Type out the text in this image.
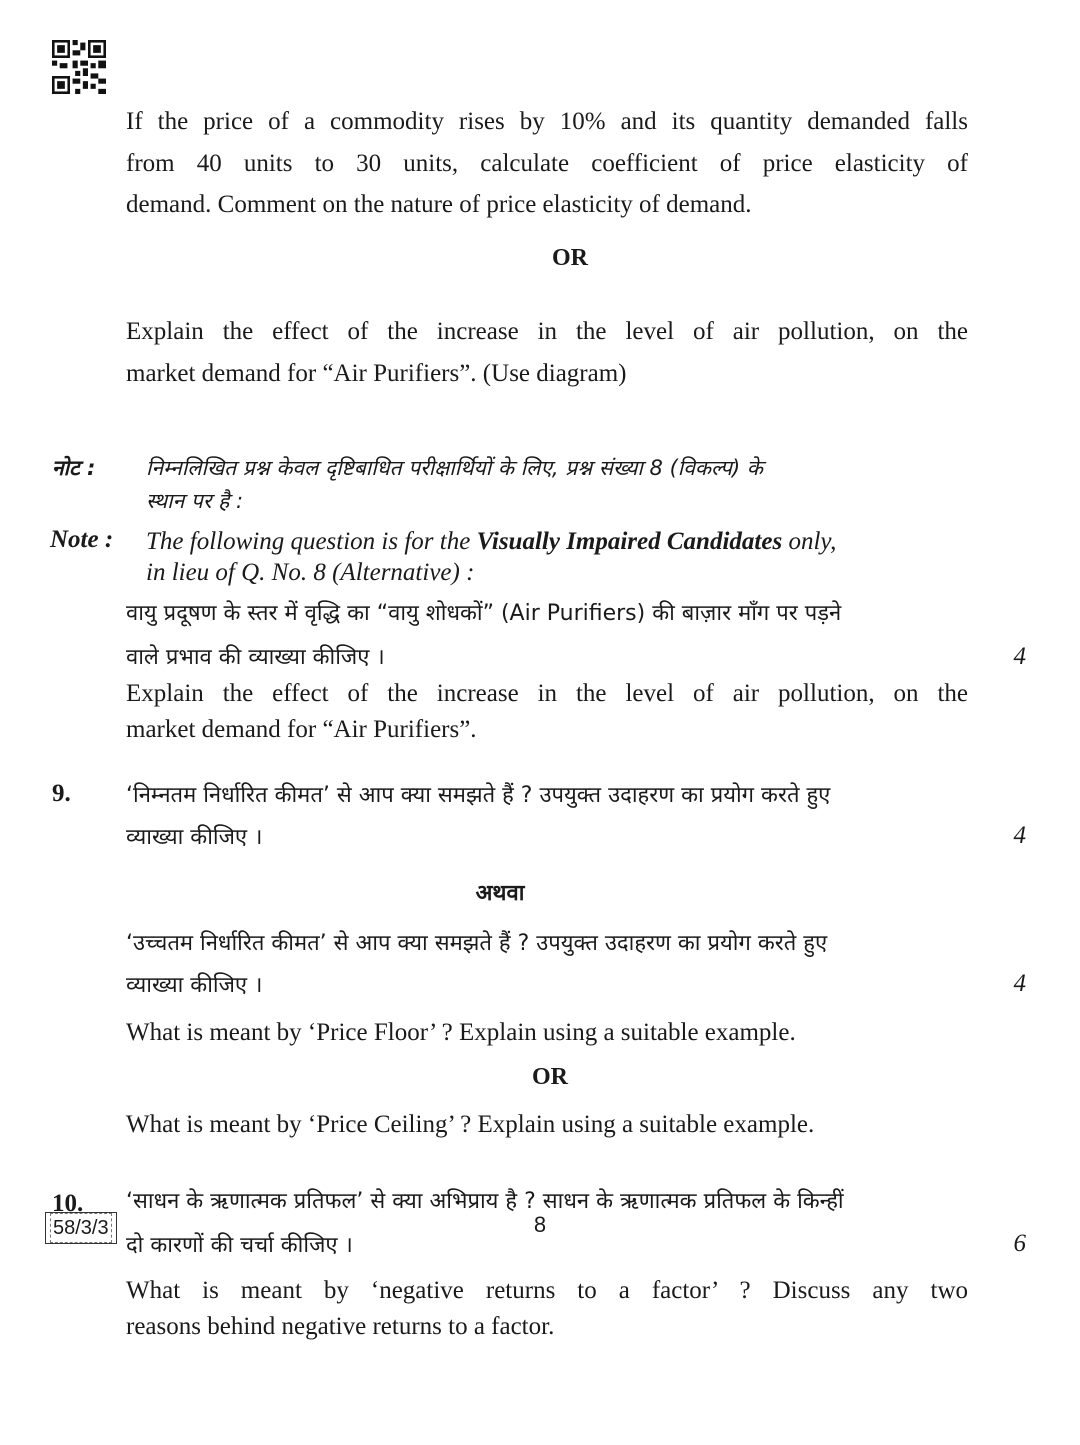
If the price of a commodity rises by 10% and its quantity demanded falls
from 40 units to 30 units, calculate coefficient of price elasticity of
demand. Comment on the nature of price elasticity of demand.
OR
Explain the effect of the increase in the level of air pollution, on the
market demand for “Air Purifiers”. (Use diagram)
नोट : निम्नलिखित प्रश्न केवल दृष्टिबाधित परीक्षार्थियों के लिए, प्रश्न संख्या 8 (विकल्प) के
स्थान पर है :
Note : The following question is for the Visually Impaired Candidates only,
in lieu of Q. No. 8 (Alternative) :
वायु प्रदूषण के स्तर में वृद्धि का “वायु शोधकों” (Air Purifiers) की बाज़ार माँग पर पड़ने
वाले प्रभाव की व्याख्या कीजिए ।	4
Explain the effect of the increase in the level of air pollution, on the
market demand for “Air Purifiers”.
9.	‘निम्नतम निर्धारित कीमत’ से आप क्या समझते हैं ? उपयुक्त उदाहरण का प्रयोग करते हुए
व्याख्या कीजिए ।	4
अथवा
‘उच्चतम निर्धारित कीमत’ से आप क्या समझते हैं ? उपयुक्त उदाहरण का प्रयोग करते हुए
व्याख्या कीजिए ।	4
What is meant by ‘Price Floor’ ? Explain using a suitable example.
OR
What is meant by ‘Price Ceiling’ ? Explain using a suitable example.
10. ‘साधन के ऋणात्मक प्रतिफल’ से क्या अभिप्राय है ? साधन के ऋणात्मक प्रतिफल के किन्हीं
दो कारणों की चर्चा कीजिए ।	6
What is meant by ‘negative returns to a factor’ ? Discuss any two
reasons behind negative returns to a factor.
58/3/3	8
